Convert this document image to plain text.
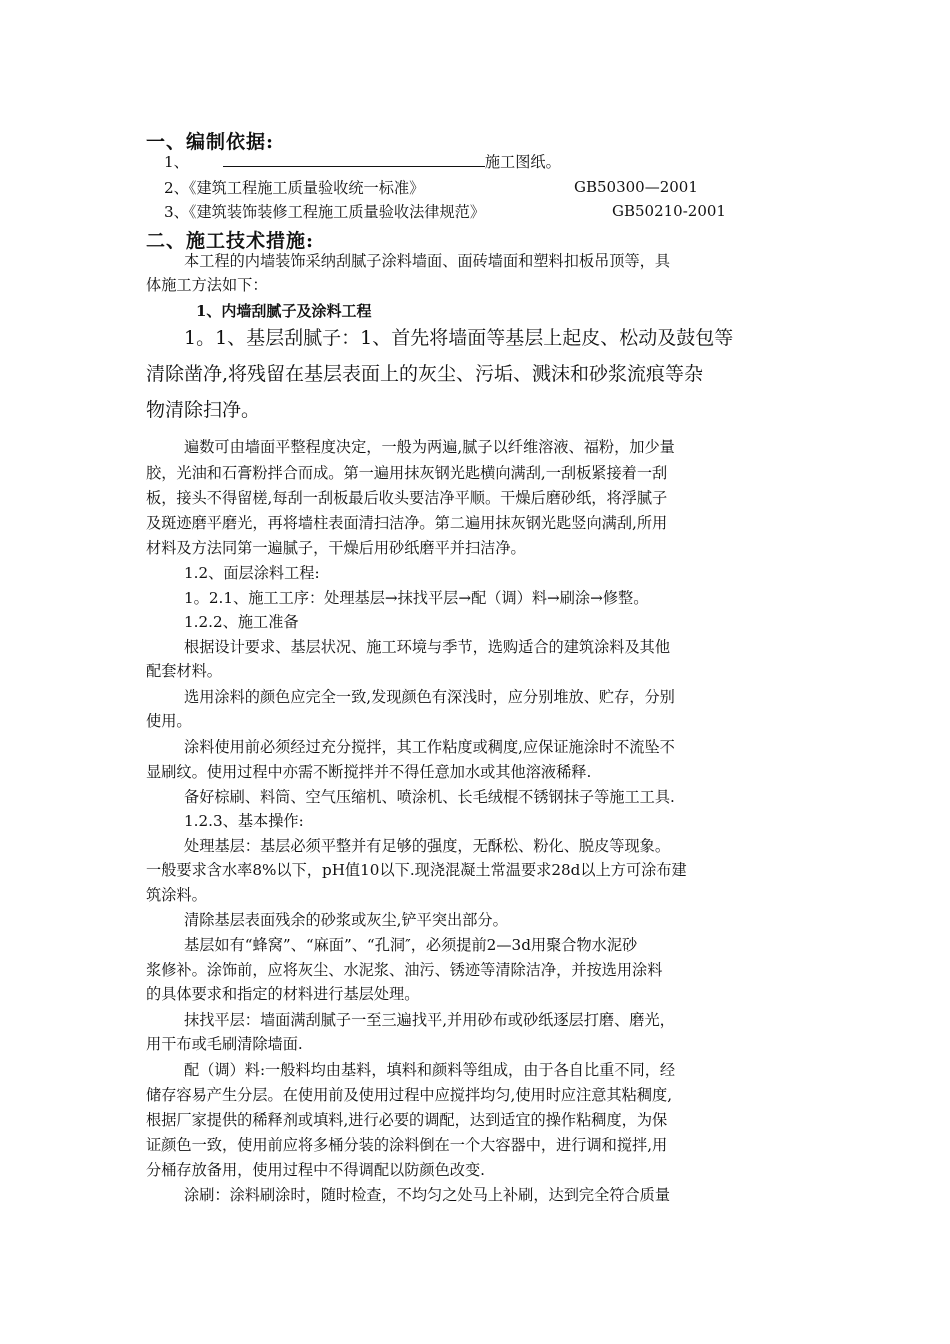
一、编制依据:
1、	施工图纸。
2、《建筑工程施工质量验收统一标准》	GB50300—2001
3、《建筑装饰装修工程施工质量验收法律规范》	GB50210-2001
二、施工技术措施:
本工程的内墙装饰采纳刮腻子涂料墙面、面砖墙面和塑料扣板吊顶等，具
体施工方法如下：
1、内墙刮腻子及涂料工程
1。1、基层刮腻子：1、首先将墙面等基层上起皮、松动及鼓包等
清除凿净,将残留在基层表面上的灰尘、污垢、溅沫和砂浆流痕等杂
物清除扫净。
遍数可由墙面平整程度决定，一般为两遍,腻子以纤维溶液、福粉，加少量
胶，光油和石膏粉拌合而成。第一遍用抹灰钢光匙横向满刮,一刮板紧接着一刮
板，接头不得留槎,每刮一刮板最后收头要洁净平顺。干燥后磨砂纸，将浮腻子
及斑迹磨平磨光，再将墙柱表面清扫洁净。第二遍用抹灰钢光匙竖向满刮,所用
材料及方法同第一遍腻子，干燥后用砂纸磨平并扫洁净。
1.2、面层涂料工程:
1。2.1、施工工序：处理基层→抹找平层→配（调）料→刷涂→修整。
1.2.2、施工准备
根据设计要求、基层状况、施工环境与季节，选购适合的建筑涂料及其他
配套材料。
选用涂料的颜色应完全一致,发现颜色有深浅时，应分别堆放、贮存，分别
使用。
涂料使用前必须经过充分搅拌，其工作粘度或稠度,应保证施涂时不流坠不
显刷纹。使用过程中亦需不断搅拌并不得任意加水或其他溶液稀释.
备好棕刷、料筒、空气压缩机、喷涂机、长毛绒棍不锈钢抹子等施工工具.
1.2.3、基本操作:
处理基层：基层必须平整并有足够的强度，无酥松、粉化、脱皮等现象。
一般要求含水率8%以下，pH值10以下.现浇混凝土常温要求28d以上方可涂布建
筑涂料。
清除基层表面残余的砂浆或灰尘,铲平突出部分。
基层如有“蜂窝”、“麻面”、“孔洞″，必须提前2—3d用聚合物水泥砂
浆修补。涂饰前，应将灰尘、水泥浆、油污、锈迹等清除洁净，并按选用涂料
的具体要求和指定的材料进行基层处理。
抹找平层：墙面满刮腻子一至三遍找平,并用砂布或砂纸逐层打磨、磨光，
用干布或毛刷清除墙面.
配（调）料:一般料均由基料，填料和颜料等组成，由于各自比重不同，经
储存容易产生分层。在使用前及使用过程中应搅拌均匀,使用时应注意其粘稠度,
根据厂家提供的稀释剂或填料,进行必要的调配，达到适宜的操作粘稠度，为保
证颜色一致，使用前应将多桶分装的涂料倒在一个大容器中，进行调和搅拌,用
分桶存放备用，使用过程中不得调配以防颜色改变.
涂刷：涂料刷涂时，随时检查，不均匀之处马上补刷，达到完全符合质量
